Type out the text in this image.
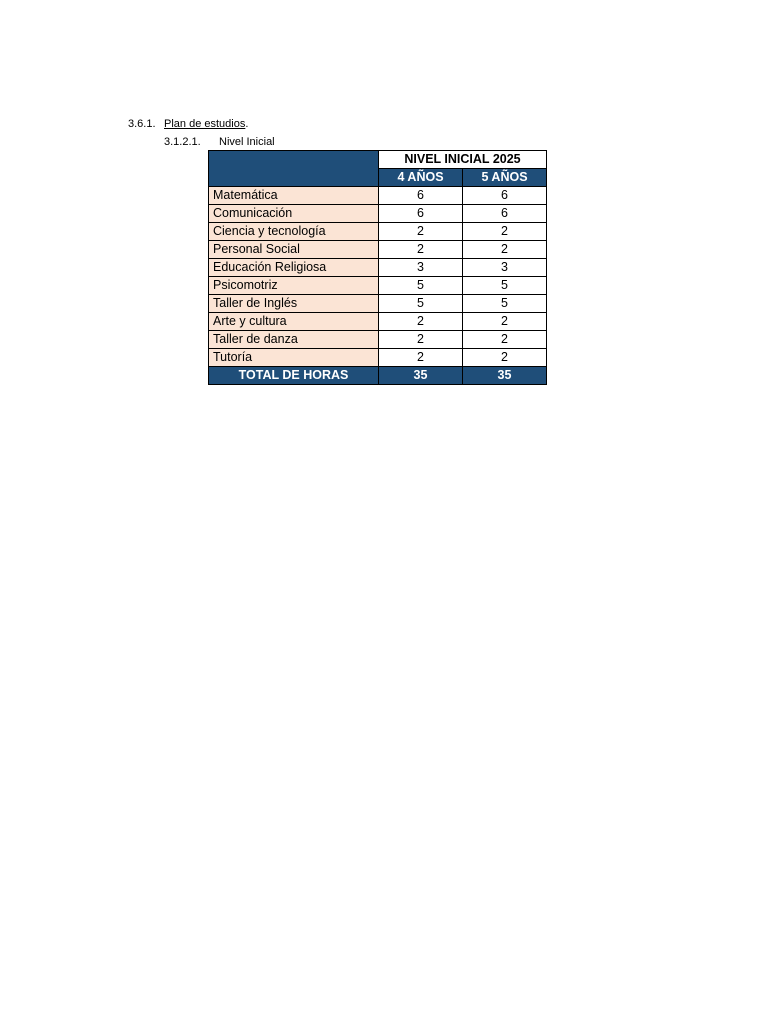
3.6.1. Plan de estudios.
3.1.2.1. Nivel Inicial
	NIVEL INICIAL 2025	
	4 AÑOS	5 AÑOS
Matemática	6	6
Comunicación	6	6
Ciencia y tecnología	2	2
Personal Social	2	2
Educación Religiosa	3	3
Psicomotriz	5	5
Taller de Inglés	5	5
Arte y cultura	2	2
Taller de danza	2	2
Tutoría	2	2
TOTAL DE HORAS	35	35
